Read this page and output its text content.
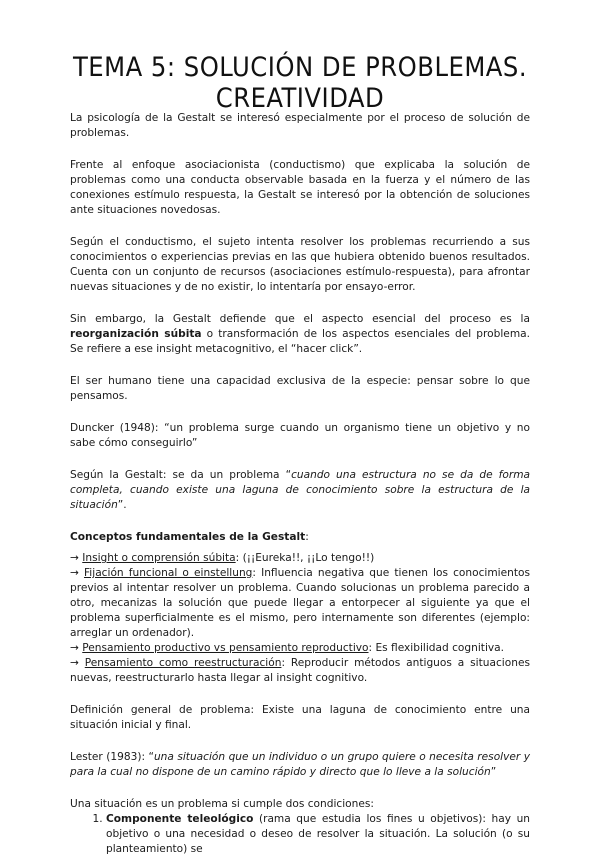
TEMA 5: SOLUCIÓN DE PROBLEMAS. CREATIVIDAD

La psicología de la Gestalt se interesó especialmente por el proceso de solución de problemas.

Frente al enfoque asociacionista (conductismo) que explicaba la solución de problemas como una conducta observable basada en la fuerza y el número de las conexiones estímulo respuesta, la Gestalt se interesó por la obtención de soluciones ante situaciones novedosas.

Según el conductismo, el sujeto intenta resolver los problemas recurriendo a sus conocimientos o experiencias previas en las que hubiera obtenido buenos resultados. Cuenta con un conjunto de recursos (asociaciones estímulo-respuesta), para afrontar nuevas situaciones y de no existir, lo intentaría por ensayo-error.

Sin embargo, la Gestalt defiende que el aspecto esencial del proceso es la reorganización súbita o transformación de los aspectos esenciales del problema. Se refiere a ese insight metacognitivo, el “hacer click”.

El ser humano tiene una capacidad exclusiva de la especie: pensar sobre lo que pensamos.

Duncker (1948): “un problema surge cuando un organismo tiene un objetivo y no sabe cómo conseguirlo”

Según la Gestalt: se da un problema “cuando una estructura no se da de forma completa, cuando existe una laguna de conocimiento sobre la estructura de la situación”.

Conceptos fundamentales de la Gestalt:

→ Insight o comprensión súbita: (¡¡Eureka!!, ¡¡Lo tengo!!)

→ Fijación funcional o einstellung: Influencia negativa que tienen los conocimientos previos al intentar resolver un problema. Cuando solucionas un problema parecido a otro, mecanizas la solución que puede llegar a entorpecer al siguiente ya que el problema superficialmente es el mismo, pero internamente son diferentes (ejemplo: arreglar un ordenador).

→ Pensamiento productivo vs pensamiento reproductivo: Es flexibilidad cognitiva.

→ Pensamiento como reestructuración: Reproducir métodos antiguos a situaciones nuevas, reestructurarlo hasta llegar al insight cognitivo.

Definición general de problema: Existe una laguna de conocimiento entre una situación inicial y final.

Lester (1983): “una situación que un individuo o un grupo quiere o necesita resolver y para la cual no dispone de un camino rápido y directo que lo lleve a la solución”

Una situación es un problema si cumple dos condiciones:

1. Componente teleológico (rama que estudia los fines u objetivos): hay un objetivo o una necesidad o deseo de resolver la situación. La solución (o su planteamiento) se
